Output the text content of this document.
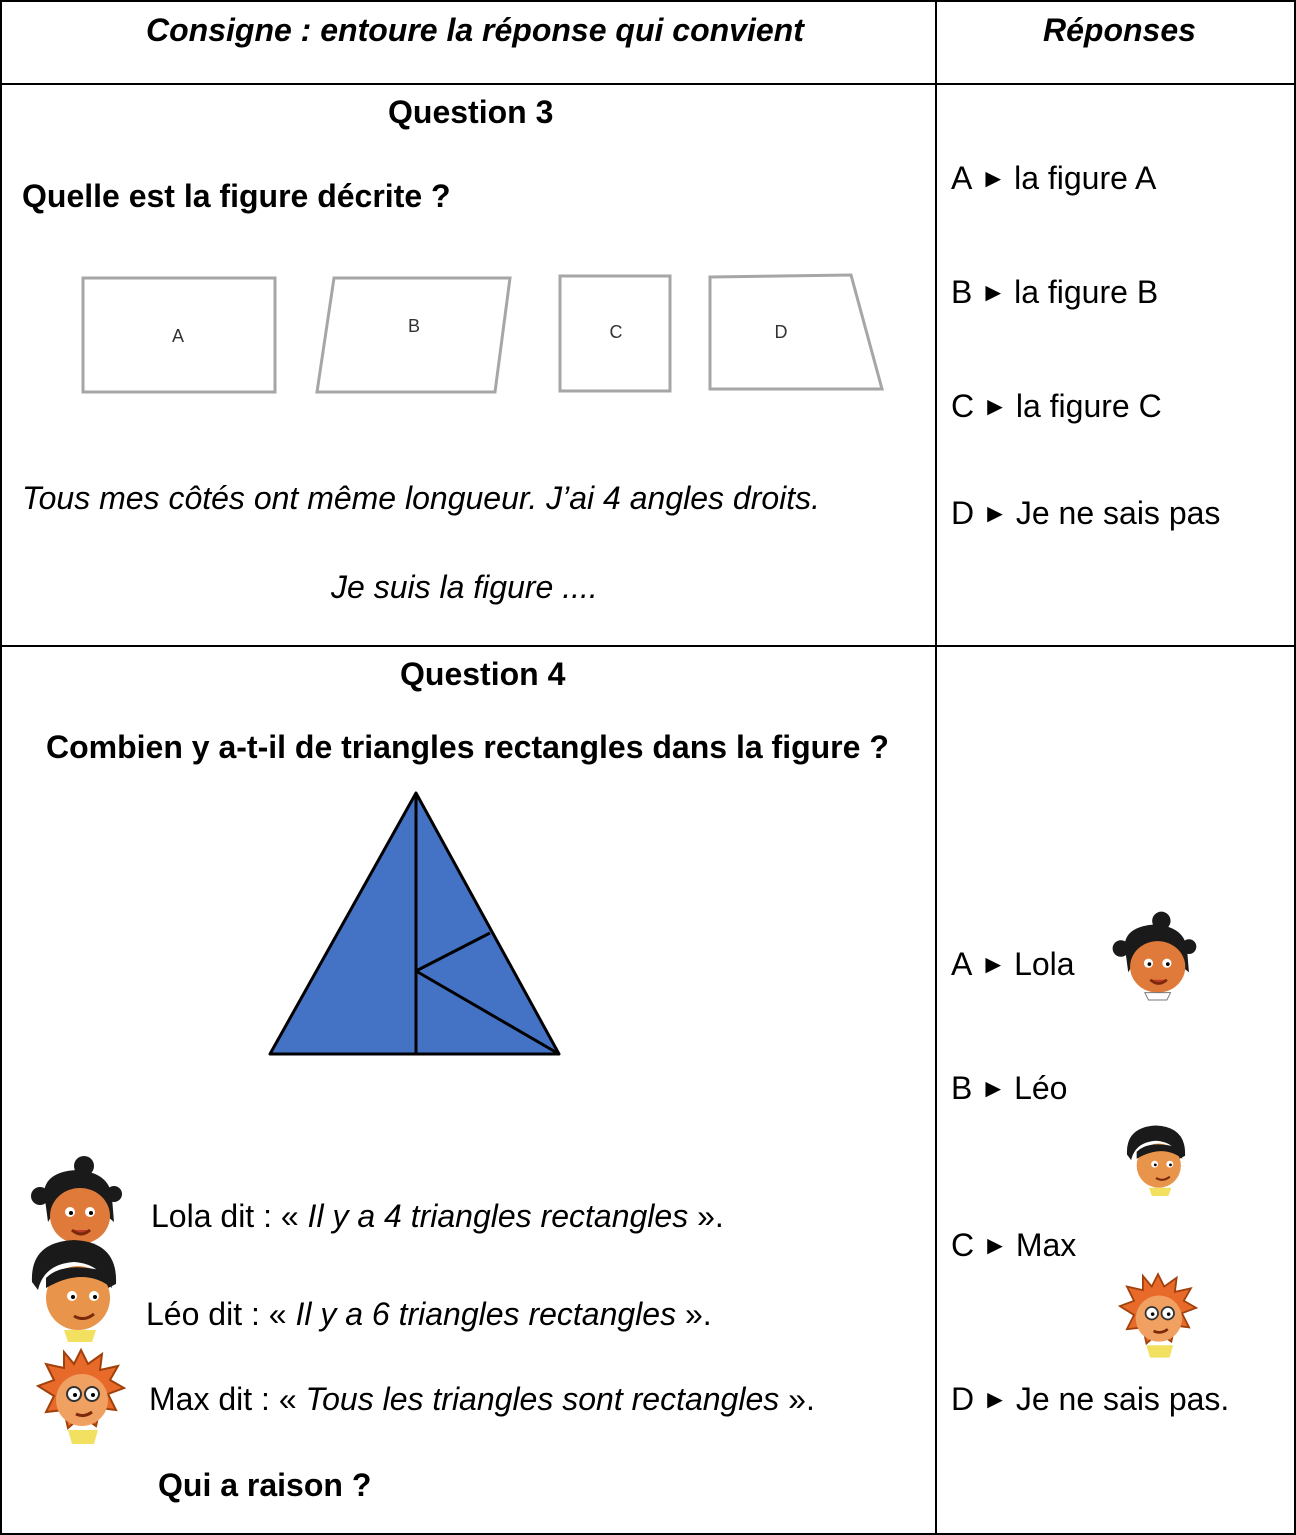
Consigne : entoure la réponse qui convient	Réponses
Question 3
Quelle est la figure décrite ?
A	B	C	D
Tous mes côtés ont même longueur. J’ai 4 angles droits.
Je suis la figure ....
A ► la figure A
B ► la figure B
C ► la figure C
D ► Je ne sais pas
Question 4
Combien y a-t-il de triangles rectangles dans la figure ?
Lola dit : « Il y a 4 triangles rectangles ».
Léo dit : « Il y a 6 triangles rectangles ».
Max dit : « Tous les triangles sont rectangles ».
Qui a raison ?
A ► Lola
B ► Léo
C ► Max
D ► Je ne sais pas.
